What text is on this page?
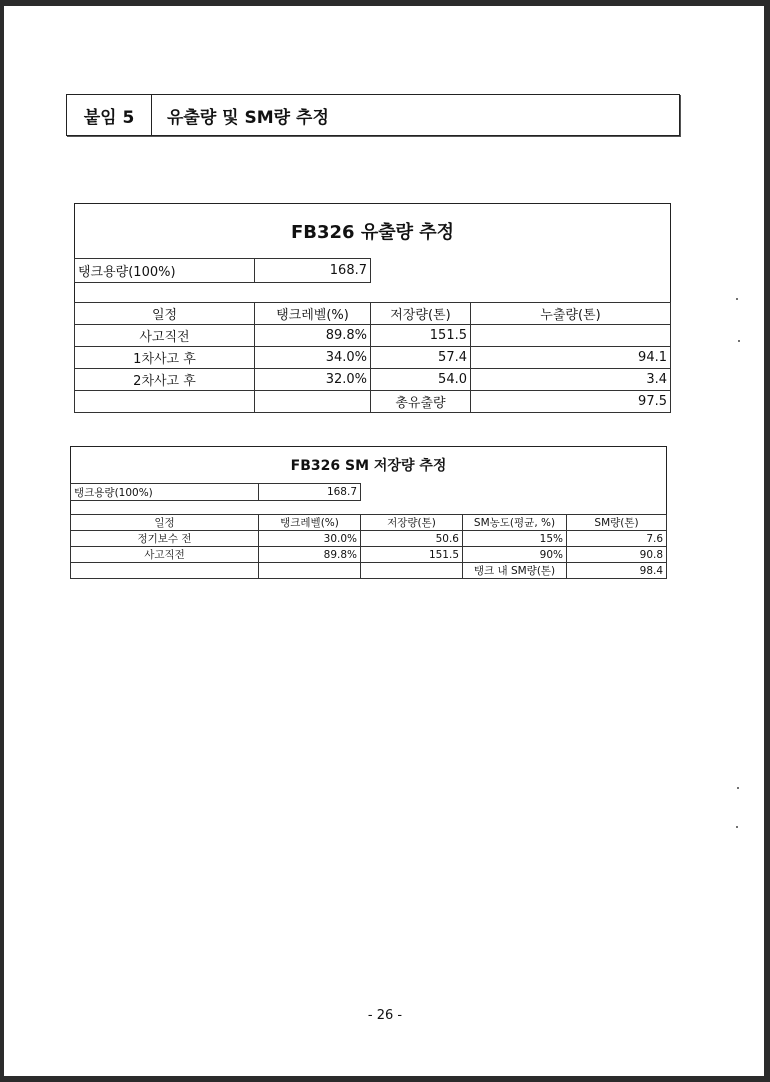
붙임 5	유출량 및 SM량 추정
FB326 유출량 추정			
탱크용량(100%)	168.7		

일정	탱크레벨(%)	저장량(톤)	누출량(톤)
사고직전	89.8%	151.5	
1차사고 후	34.0%	57.4	94.1
2차사고 후	32.0%	54.0	3.4
		총유출량	97.5
FB326 SM 저장량 추정				
탱크용량(100%)	168.7			

일정	탱크레벨(%)	저장량(톤)	SM농도(평균, %)	SM량(톤)
정기보수 전	30.0%	50.6	15%	7.6
사고직전	89.8%	151.5	90%	90.8
			탱크 내 SM량(톤)	98.4
- 26 -
